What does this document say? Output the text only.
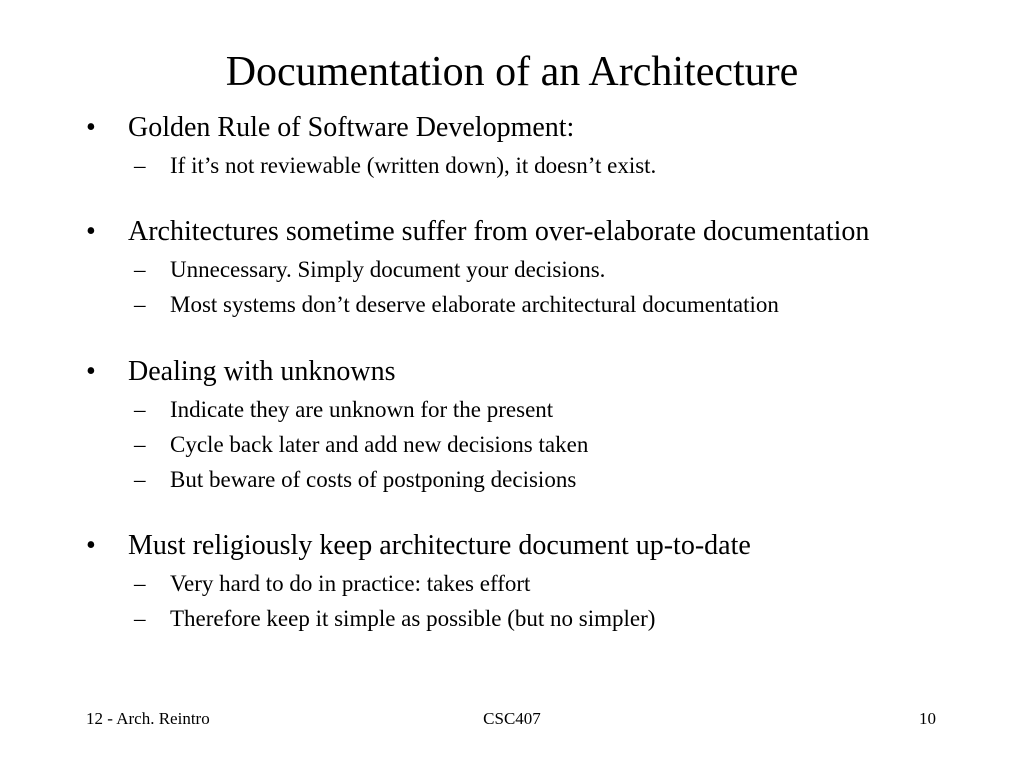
Documentation of an Architecture
•	Golden Rule of Software Development:
–	If it’s not reviewable (written down), it doesn’t exist.
•	Architectures sometime suffer from over-elaborate documentation
–	Unnecessary. Simply document your decisions.
–	Most systems don’t deserve elaborate architectural documentation
•	Dealing with unknowns
–	Indicate they are unknown for the present
–	Cycle back later and add new decisions taken
–	But beware of costs of postponing decisions
•	Must religiously keep architecture document up-to-date
–	Very hard to do in practice: takes effort
–	Therefore keep it simple as possible (but no simpler)
12 - Arch. Reintro	CSC407	10
